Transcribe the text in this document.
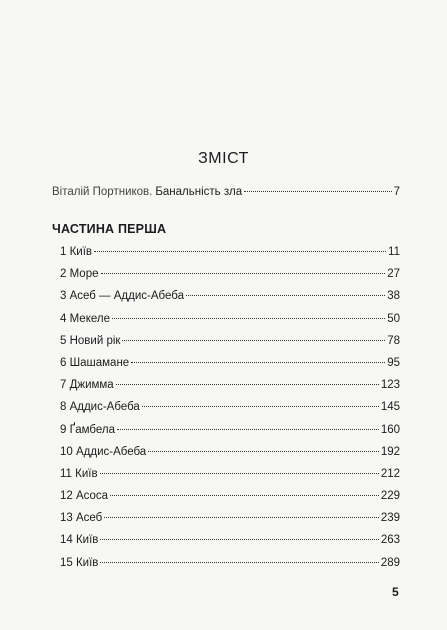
ЗМІСТ
Віталій Портников. Банальність зла	7
ЧАСТИНА ПЕРША
1 Київ	11
2 Море	27
3 Асеб — Аддис-Абеба	38
4 Мекеле	50
5 Новий рік	78
6 Шашамане	95
7 Джимма	123
8 Аддис-Абеба	145
9 Ґамбела	160
10 Аддис-Абеба	192
11 Київ	212
12 Асоса	229
13 Асеб	239
14 Київ	263
15 Київ	289
5
